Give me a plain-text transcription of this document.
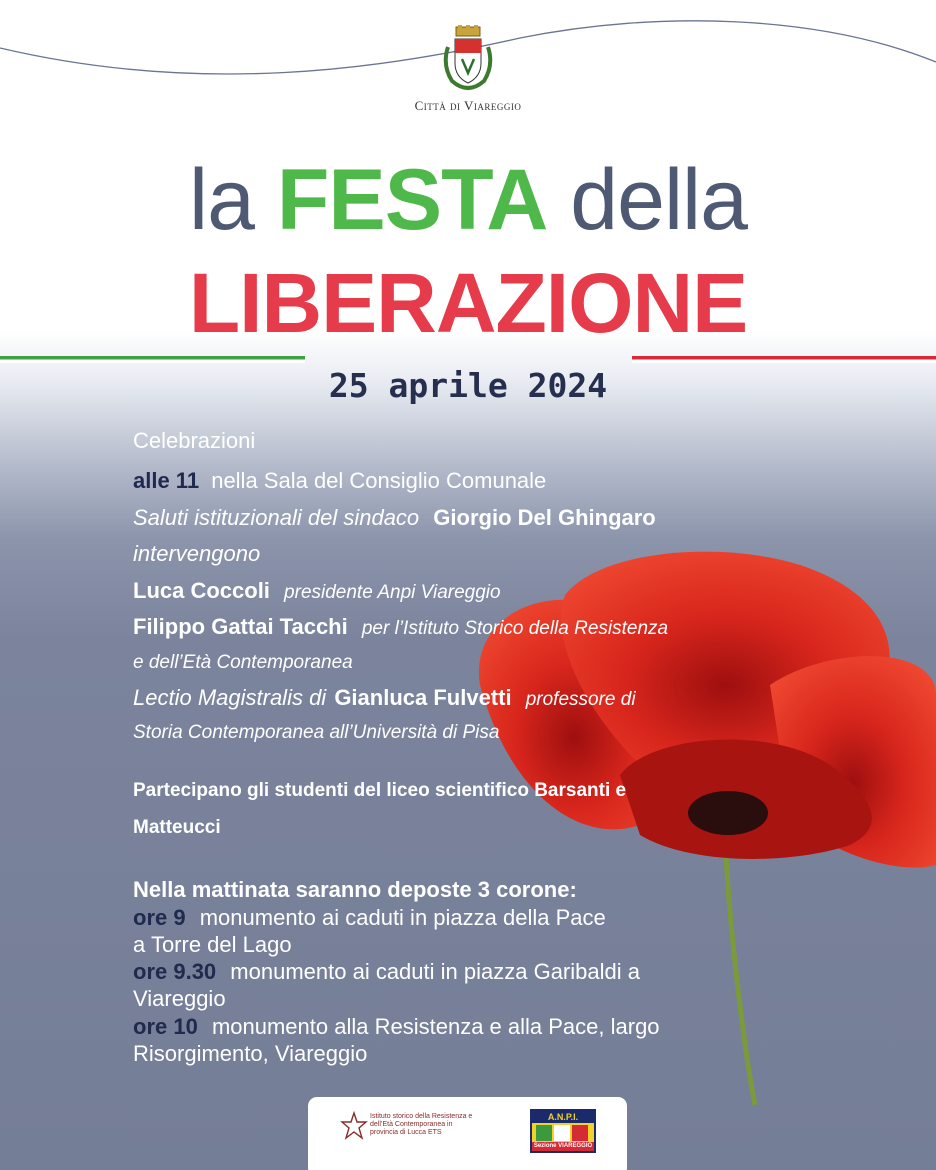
Città di Viareggio
la FESTA della
LIBERAZIONE
25 aprile 2024
Celebrazioni
alle 11 nella Sala del Consiglio Comunale
Saluti istituzionali del sindaco Giorgio Del Ghingaro
intervengono
Luca Coccoli presidente Anpi Viareggio
Filippo Gattai Tacchi per l’Istituto Storico della Resistenza
e dell’Età Contemporanea
Lectio Magistralis di Gianluca Fulvetti professore di
Storia Contemporanea all’Università di Pisa
Partecipano gli studenti del liceo scientifico Barsanti e
Matteucci
Nella mattinata saranno deposte 3 corone:
ore 9 monumento ai caduti in piazza della Pace
a Torre del Lago
ore 9.30 monumento ai caduti in piazza Garibaldi a
Viareggio
ore 10 monumento alla Resistenza e alla Pace, largo
Risorgimento, Viareggio
Istituto storico della Resistenza e dell’Età Contemporanea in provincia di Lucca ETS
A.N.P.I.
Sezione VIAREGGIO
